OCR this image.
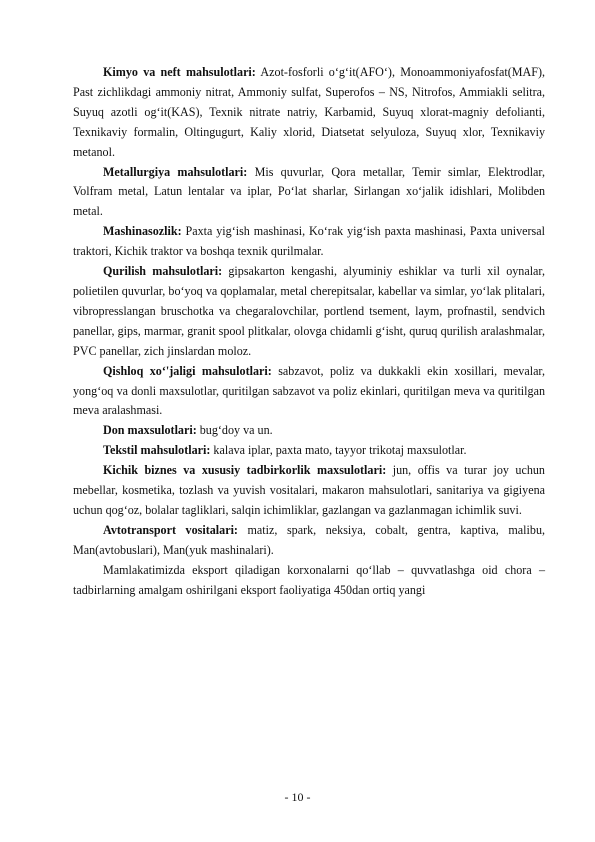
Kimyo va neft mahsulotlari: Azot-fosforli o‘g‘it(AFO‘), Monoammoniyafosfat(MAF), Past zichlikdagi ammoniy nitrat, Ammoniy sulfat, Superofos – NS, Nitrofos, Ammiakli selitra, Suyuq azotli og‘it(KAS), Texnik nitrate natriy, Karbamid, Suyuq xlorat-magniy defolianti, Texnikaviy formalin, Oltingugurt, Kaliy xlorid, Diatsetat selyuloza, Suyuq xlor, Texnikaviy metanol.

Metallurgiya mahsulotlari: Mis quvurlar, Qora metallar, Temir simlar, Elektrodlar, Volfram metal, Latun lentalar va iplar, Po‘lat sharlar, Sirlangan xo‘jalik idishlari, Molibden metal.

Mashinasozlik: Paxta yig‘ish mashinasi, Ko‘rak yig‘ish paxta mashinasi, Paxta universal traktori, Kichik traktor va boshqa texnik qurilmalar.

Qurilish mahsulotlari: gipsakarton kengashi, alyuminiy eshiklar va turli xil oynalar, polietilen quvurlar, bo‘yoq va qoplamalar, metal cherepitsalar, kabellar va simlar, yo‘lak plitalari, vibropresslangan bruschotka va chegaralovchilar, portlend tsement, laym, profnastil, sendvich panellar, gips, marmar, granit spool plitkalar, olovga chidamli g‘isht, quruq qurilish aralashmalar, PVC panellar, zich jinslardan moloz.

Qishloq xo‘'jaligi mahsulotlari: sabzavot, poliz va dukkakli ekin xosillari, mevalar, yong‘oq va donli maxsulotlar, quritilgan sabzavot va poliz ekinlari, quritilgan meva va quritilgan meva aralashmasi.

Don maxsulotlari: bug‘doy va un.

Tekstil mahsulotlari: kalava iplar, paxta mato, tayyor trikotaj maxsulotlar.

Kichik biznes va xususiy tadbirkorlik maxsulotlari: jun, offis va turar joy uchun mebellar, kosmetika, tozlash va yuvish vositalari, makaron mahsulotlari, sanitariya va gigiyena uchun qog‘oz, bolalar tagliklari, salqin ichimliklar, gazlangan va gazlanmagan ichimlik suvi.

Avtotransport vositalari: matiz, spark, neksiya, cobalt, gentra, kaptiva, malibu, Man(avtobuslari), Man(yuk mashinalari).

Mamlakatimizda eksport qiladigan korxonalarni qo‘llab – quvvatlashga oid chora – tadbirlarning amalgam oshirilgani eksport faoliyatiga 450dan ortiq yangi

- 10 -
